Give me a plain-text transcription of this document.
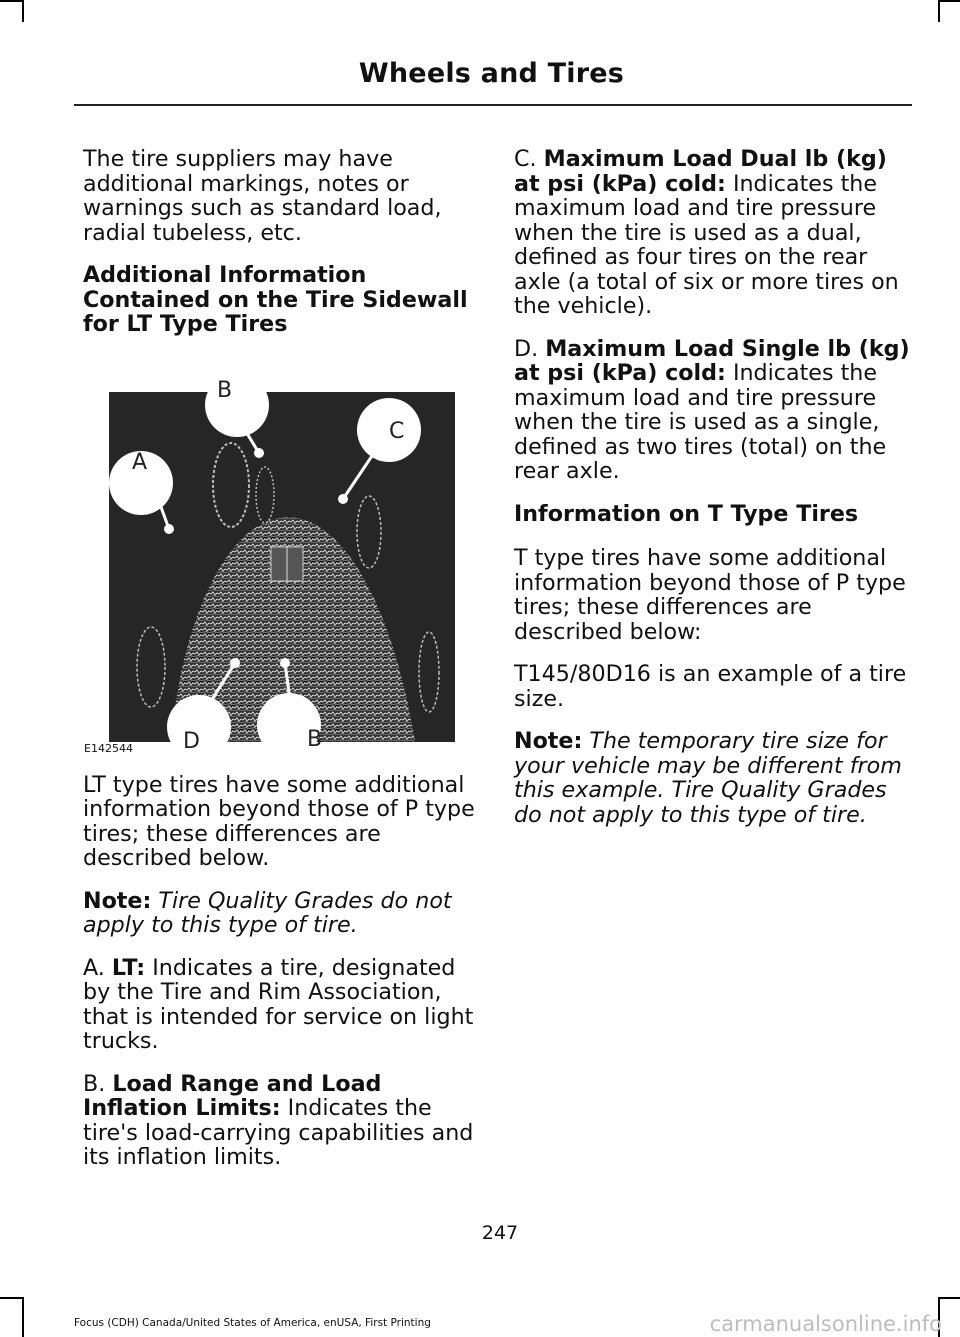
Wheels and Tires

The tire suppliers may have additional markings, notes or warnings such as standard load, radial tubeless, etc.

Additional Information Contained on the Tire Sidewall for LT Type Tires
A
B
C
D	B
E142544

LT type tires have some additional information beyond those of P type tires; these differences are described below.

Note: Tire Quality Grades do not apply to this type of tire.

A. LT: Indicates a tire, designated by the Tire and Rim Association, that is intended for service on light trucks.

B. Load Range and Load Inflation Limits: Indicates the tire's load-carrying capabilities and its inflation limits.

C. Maximum Load Dual lb (kg) at psi (kPa) cold: Indicates the maximum load and tire pressure when the tire is used as a dual, defined as four tires on the rear axle (a total of six or more tires on the vehicle).

D. Maximum Load Single lb (kg) at psi (kPa) cold: Indicates the maximum load and tire pressure when the tire is used as a single, defined as two tires (total) on the rear axle.

Information on T Type Tires

T type tires have some additional information beyond those of P type tires; these differences are described below:

T145/80D16 is an example of a tire size.

Note: The temporary tire size for your vehicle may be different from this example. Tire Quality Grades do not apply to this type of tire.

247
Focus (CDH) Canada/United States of America, enUSA, First Printing	carmanualsonline.info
